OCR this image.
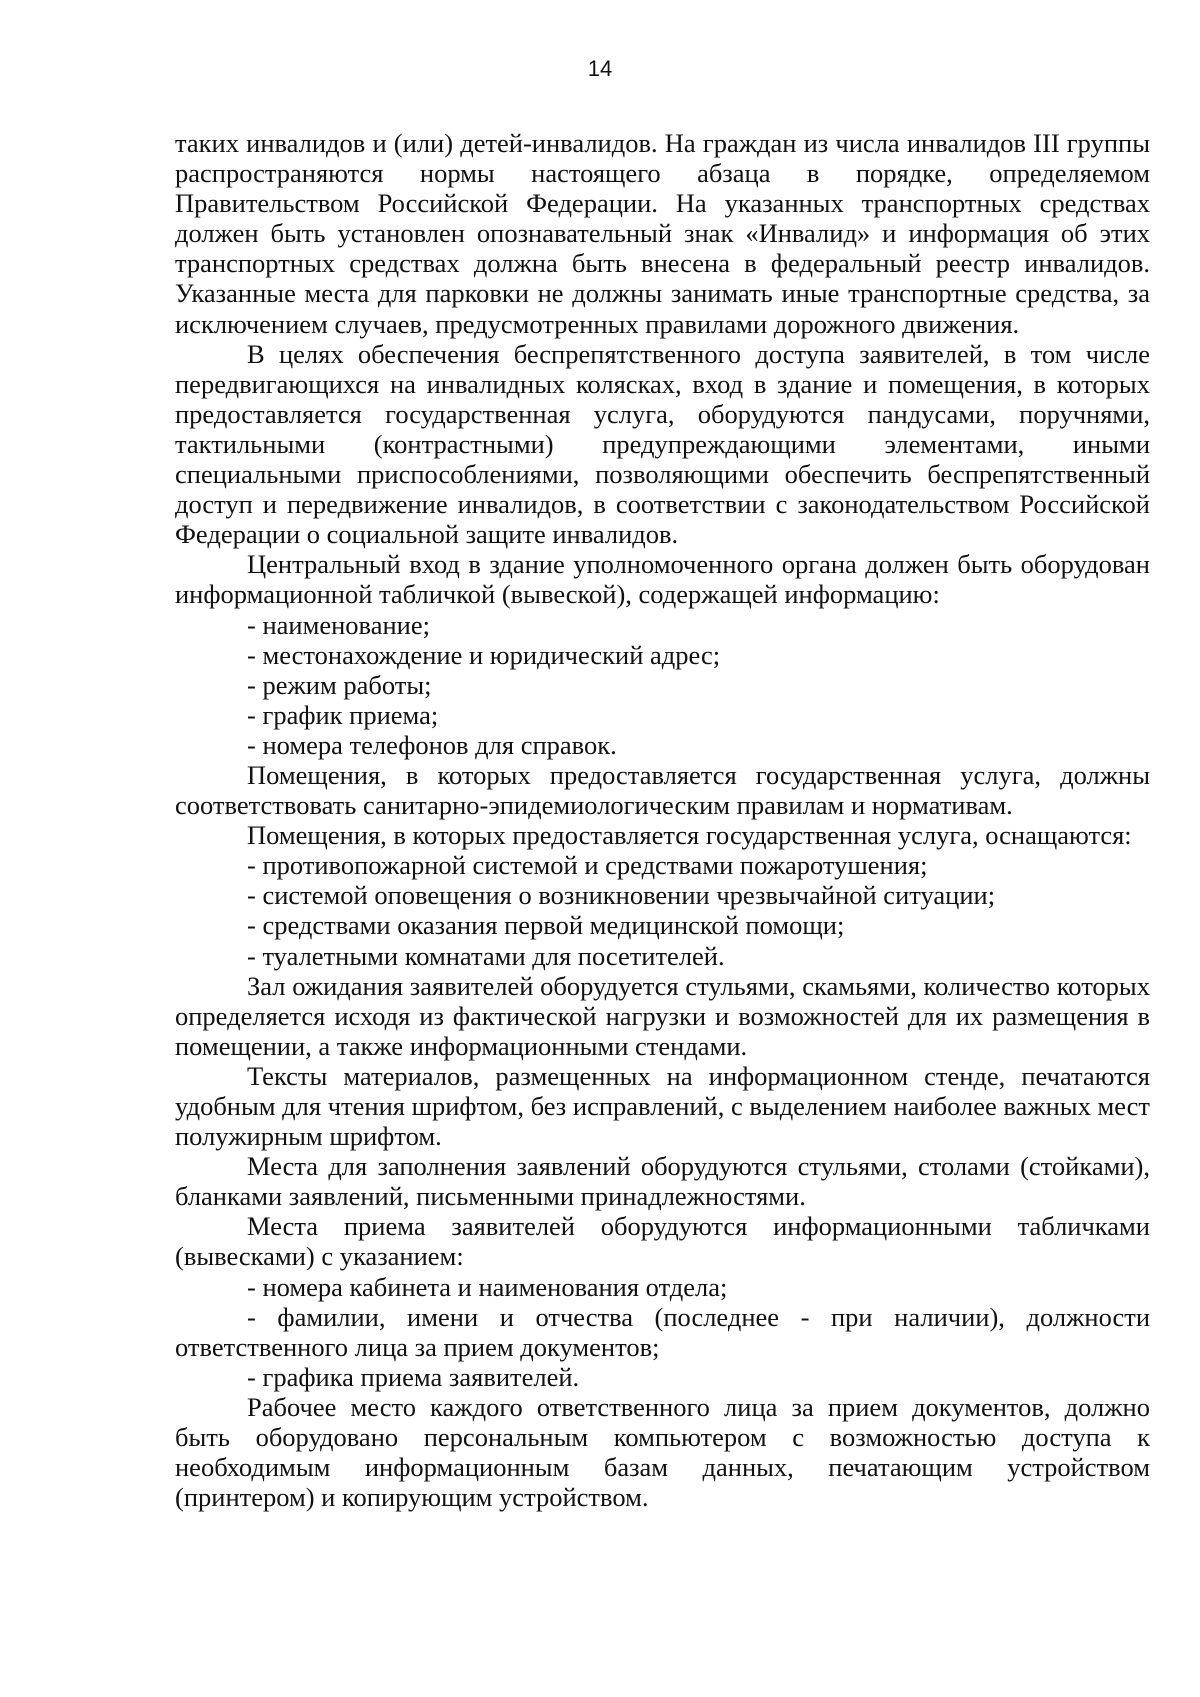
14

таких инвалидов и (или) детей-инвалидов. На граждан из числа инвалидов III группы распространяются нормы настоящего абзаца в порядке, определяемом Правительством Российской Федерации. На указанных транспортных средствах должен быть установлен опознавательный знак «Инвалид» и информация об этих транспортных средствах должна быть внесена в федеральный реестр инвалидов. Указанные места для парковки не должны занимать иные транспортные средства, за исключением случаев, предусмотренных правилами дорожного движения.

В целях обеспечения беспрепятственного доступа заявителей, в том числе передвигающихся на инвалидных колясках, вход в здание и помещения, в которых предоставляется государственная услуга, оборудуются пандусами, поручнями, тактильными (контрастными) предупреждающими элементами, иными специальными приспособлениями, позволяющими обеспечить беспрепятственный доступ и передвижение инвалидов, в соответствии с законодательством Российской Федерации о социальной защите инвалидов.

Центральный вход в здание уполномоченного органа должен быть оборудован информационной табличкой (вывеской), содержащей информацию:

- наименование;

- местонахождение и юридический адрес;

- режим работы;

- график приема;

- номера телефонов для справок.

Помещения, в которых предоставляется государственная услуга, должны соответствовать санитарно-эпидемиологическим правилам и нормативам.

Помещения, в которых предоставляется государственная услуга, оснащаются:

- противопожарной системой и средствами пожаротушения;

- системой оповещения о возникновении чрезвычайной ситуации;

- средствами оказания первой медицинской помощи;

- туалетными комнатами для посетителей.

Зал ожидания заявителей оборудуется стульями, скамьями, количество которых определяется исходя из фактической нагрузки и возможностей для их размещения в помещении, а также информационными стендами.

Тексты материалов, размещенных на информационном стенде, печатаются удобным для чтения шрифтом, без исправлений, с выделением наиболее важных мест полужирным шрифтом.

Места для заполнения заявлений оборудуются стульями, столами (стойками), бланками заявлений, письменными принадлежностями.

Места приема заявителей оборудуются информационными табличками (вывесками) с указанием:

- номера кабинета и наименования отдела;

- фамилии, имени и отчества (последнее - при наличии), должности ответственного лица за прием документов;

- графика приема заявителей.

Рабочее место каждого ответственного лица за прием документов, должно быть оборудовано персональным компьютером с возможностью доступа к необходимым информационным базам данных, печатающим устройством (принтером) и копирующим устройством.
